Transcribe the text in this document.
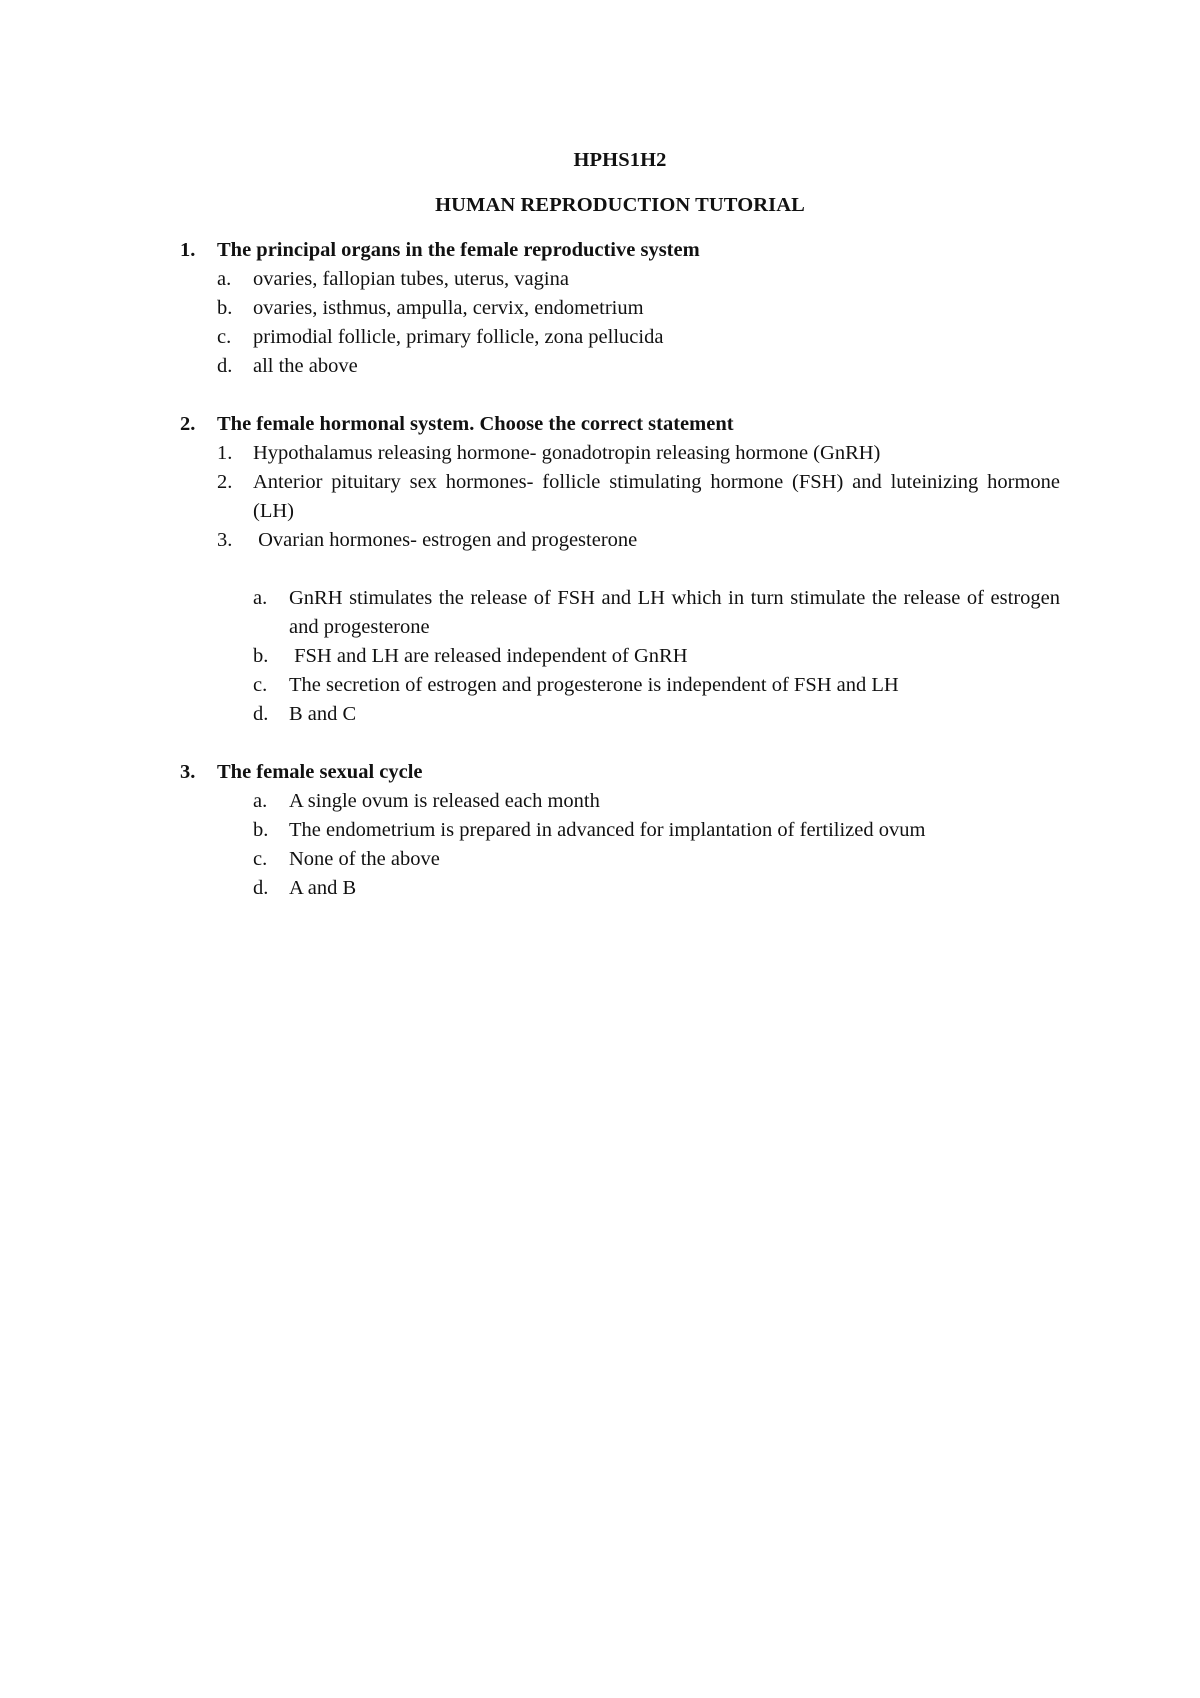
HPHS1H2

HUMAN REPRODUCTION TUTORIAL

1.	The principal organs in the female reproductive system
a.	ovaries, fallopian tubes, uterus, vagina
b.	ovaries, isthmus, ampulla, cervix, endometrium
c.	primodial follicle, primary follicle, zona pellucida
d.	all the above
2.	The female hormonal system. Choose the correct statement
1.	Hypothalamus releasing hormone- gonadotropin releasing hormone (GnRH)
2.	Anterior pituitary sex hormones- follicle stimulating hormone (FSH) and luteinizing hormone (LH)
3.	Ovarian hormones- estrogen and progesterone
a.	GnRH stimulates the release of FSH and LH which in turn stimulate the release of estrogen and progesterone
b.	FSH and LH are released independent of GnRH
c.	The secretion of estrogen and progesterone is independent of FSH and LH
d.	B and C
3.	The female sexual cycle
a.	A single ovum is released each month
b.	The endometrium is prepared in advanced for implantation of fertilized ovum
c.	None of the above
d.	A and B
